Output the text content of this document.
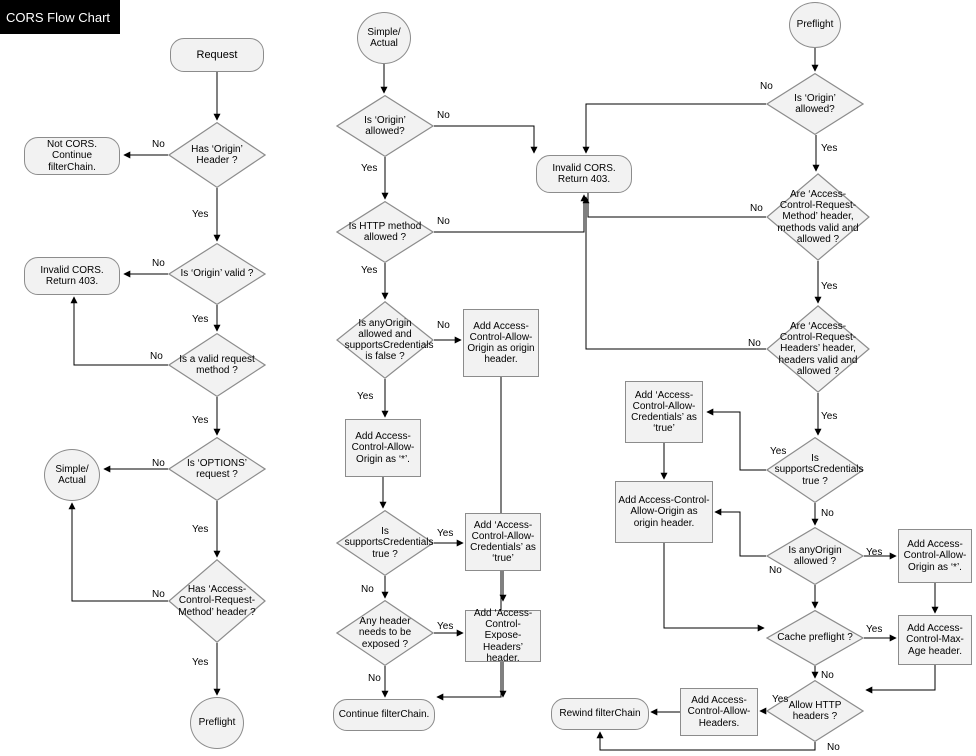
CORS Flow Chart
Request
Has ‘Origin’ Header ?
Not CORS. Continue filterChain.
Is ‘Origin’ valid ?
Invalid CORS. Return 403.
Is a valid request method ?
Is ‘OPTIONS’ request ?
Simple/ Actual
Has ‘Access-Control-Request-Method’ header ?
Preflight
Simple/ Actual
Is ‘Origin’ allowed?
Invalid CORS. Return 403.
Is HTTP method allowed ?
Is anyOrigin allowed and supportsCredentials is false ?
Add Access-Control-Allow-Origin as origin header.
Add Access-Control-Allow-Origin as ‘*’.
Is supportsCredentials true ?
Add ‘Access-Control-Allow-Credentials’ as ‘true’
Any header needs to be exposed ?
Add ‘Access-Control-Expose-Headers’ header.
Continue filterChain.
Preflight
Is ‘Origin’ allowed?
Are ‘Access-Control-Request-Method’ header, methods valid and allowed ?
Are ‘Access-Control-Request-Headers’ header, headers valid and allowed ?
Is supportsCredentials true ?
Add ‘Access-Control-Allow-Credentials’ as ‘true’
Add Access-Control-Allow-Origin as origin header.
Is anyOrigin allowed ?
Add Access-Control-Allow-Origin as ‘*’.
Cache preflight ?
Add Access-Control-Max-Age header.
Allow HTTP headers ?
Add Access-Control-Allow-Headers.
Rewind filterChain
No
Yes
No
Yes
No
Yes
No
Yes
No
Yes
No
Yes
No
Yes
No
Yes
Yes
No
Yes
No
No
Yes
No
Yes
No
Yes
Yes
No
Yes
No
Yes
No
Yes
No
